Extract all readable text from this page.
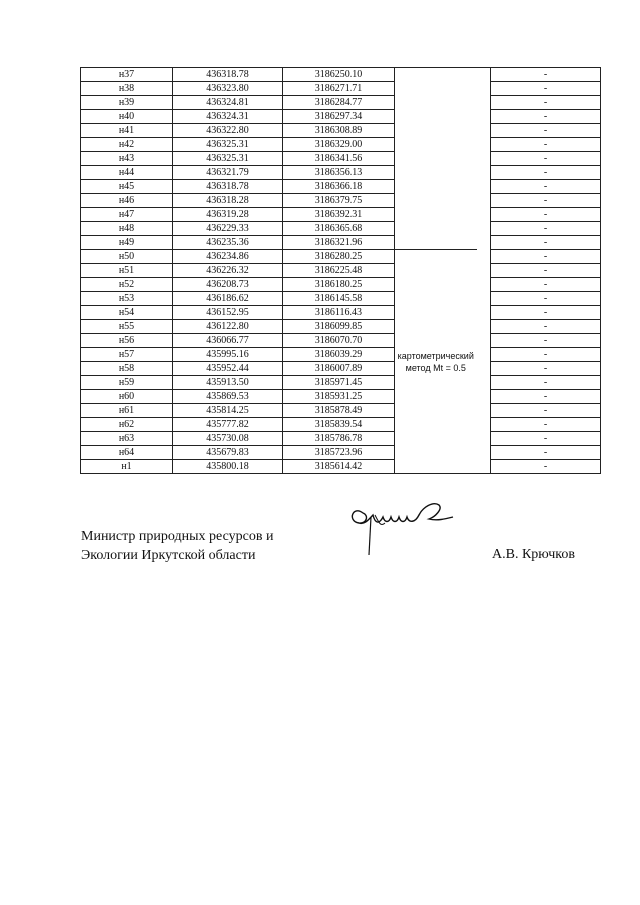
н37	436318.78	3186250.10			-
н38	436323.80	3186271.71			-
н39	436324.81	3186284.77			-
н40	436324.31	3186297.34			-
н41	436322.80	3186308.89			-
н42	436325.31	3186329.00			-
н43	436325.31	3186341.56			-
н44	436321.79	3186356.13			-
н45	436318.78	3186366.18			-
н46	436318.28	3186379.75			-
н47	436319.28	3186392.31			-
н48	436229.33	3186365.68			-
н49	436235.36	3186321.96			-
н50	436234.86	3186280.25	картометрический метод Mt = 0.5		-
н51	436226.32	3186225.48			-
н52	436208.73	3186180.25			-
н53	436186.62	3186145.58			-
н54	436152.95	3186116.43			-
н55	436122.80	3186099.85			-
н56	436066.77	3186070.70			-
н57	435995.16	3186039.29			-
н58	435952.44	3186007.89			-
н59	435913.50	3185971.45			-
н60	435869.53	3185931.25			-
н61	435814.25	3185878.49			-
н62	435777.82	3185839.54			-
н63	435730.08	3185786.78			-
н64	435679.83	3185723.96			-
н1	435800.18	3185614.42			-
Министр природных ресурсов и
Экологии Иркутской области	А.В. Крючков
